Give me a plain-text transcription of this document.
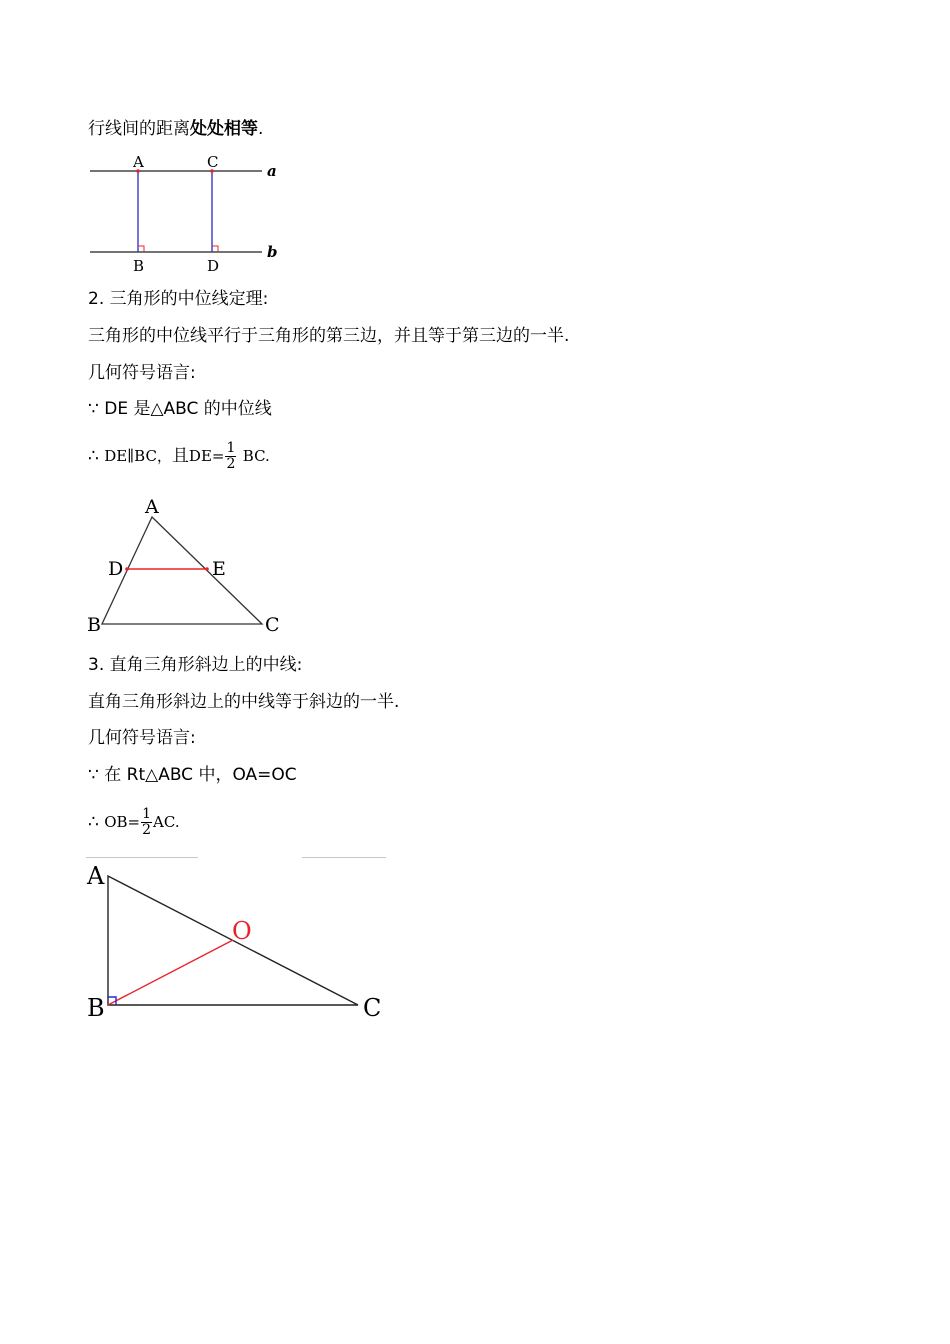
行线间的距离处处相等.
A	C
B	D
a
b
2. 三角形的中位线定理:
三角形的中位线平行于三角形的第三边，并且等于第三边的一半.
几何符号语言:
∵ DE 是△ABC 的中位线
∴ DE∥BC，且$DE= \frac{1}{2}$ BC.
A
D	E
B	C
3. 直角三角形斜边上的中线:
直角三角形斜边上的中线等于斜边的一半.
几何符号语言:
∵ 在 Rt△ABC 中，OA=OC
∴ $OB= \frac{1}{2}$ AC.
A
O
B	C
